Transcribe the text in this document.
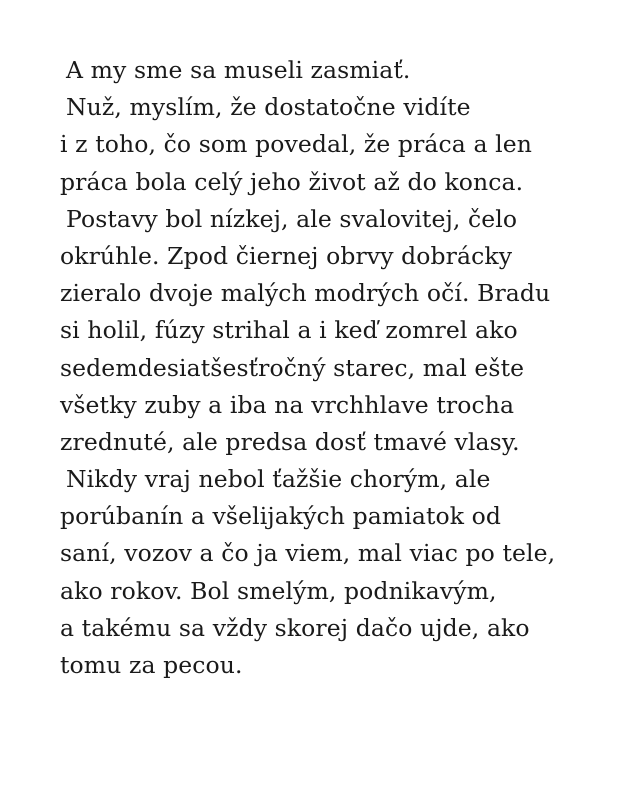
A my sme sa museli zasmiať.
Nuž, myslím, že dostatočne vidíte
i z toho, čo som povedal, že práca a len
práca bola celý jeho život až do konca.
Postavy bol nízkej, ale svalovitej, čelo
okrúhle. Zpod čiernej obrvy dobrácky
zieralo dvoje malých modrých očí. Bradu
si holil, fúzy strihal a i keď zomrel ako
sedemdesiatšesťročný starec, mal ešte
všetky zuby a iba na vrchhlave trocha
zrednuté, ale predsa dosť tmavé vlasy.
Nikdy vraj nebol ťažšie chorým, ale
porúbanín a všelijakých pamiatok od
saní, vozov a čo ja viem, mal viac po tele,
ako rokov. Bol smelým, podnikavým,
a takému sa vždy skorej dačo ujde, ako
tomu za pecou.
